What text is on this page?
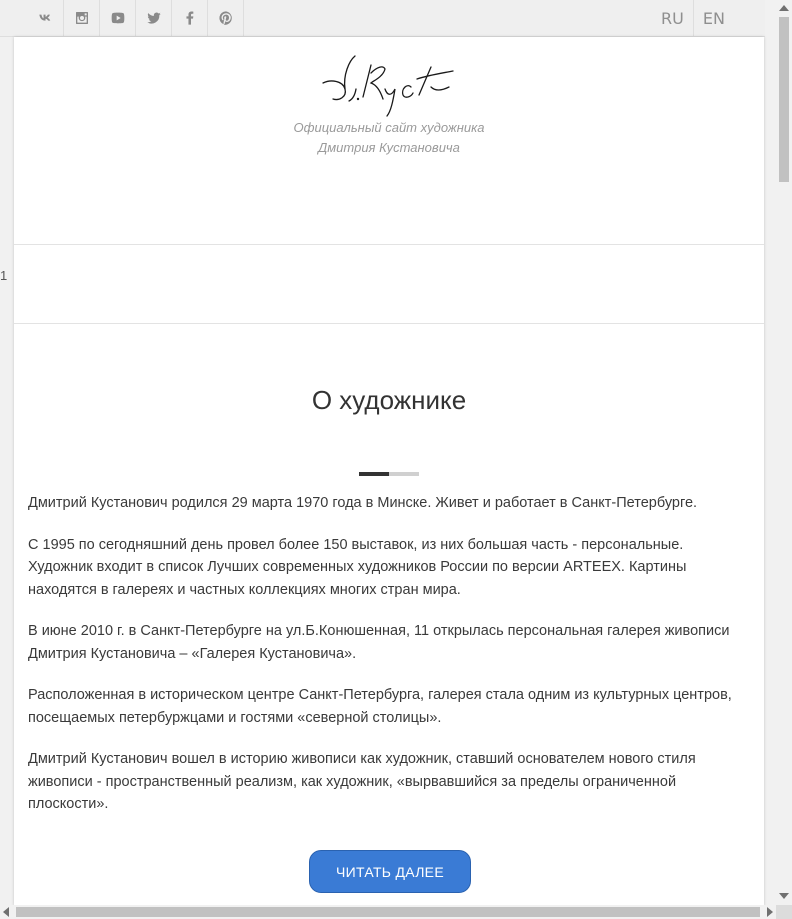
RU	EN
Официальный сайт художника
Дмитрия Кустановича
О художнике

Дмитрий Кустанович родился 29 марта 1970 года в Минске. Живет и работает в Санкт-Петербурге.

С 1995 по сегодняшний день провел более 150 выставок, из них большая часть - персональные. Художник входит в список Лучших современных художников России по версии ARTEEX. Картины находятся в галереях и частных коллекциях многих стран мира.

В июне 2010 г. в Санкт-Петербурге на ул.Б.Конюшенная, 11 открылась персональная галерея живописи Дмитрия Кустановича – «Галерея Кустановича».

Расположенная в историческом центре Санкт-Петербурга, галерея стала одним из культурных центров, посещаемых петербуржцами и гостями «северной столицы».

Дмитрий Кустанович вошел в историю живописи как художник, ставший основателем нового стиля живописи - пространственный реализм, как художник, «вырвавшийся за пределы ограниченной плоскости».

ЧИТАТЬ ДАЛЕЕ
1
